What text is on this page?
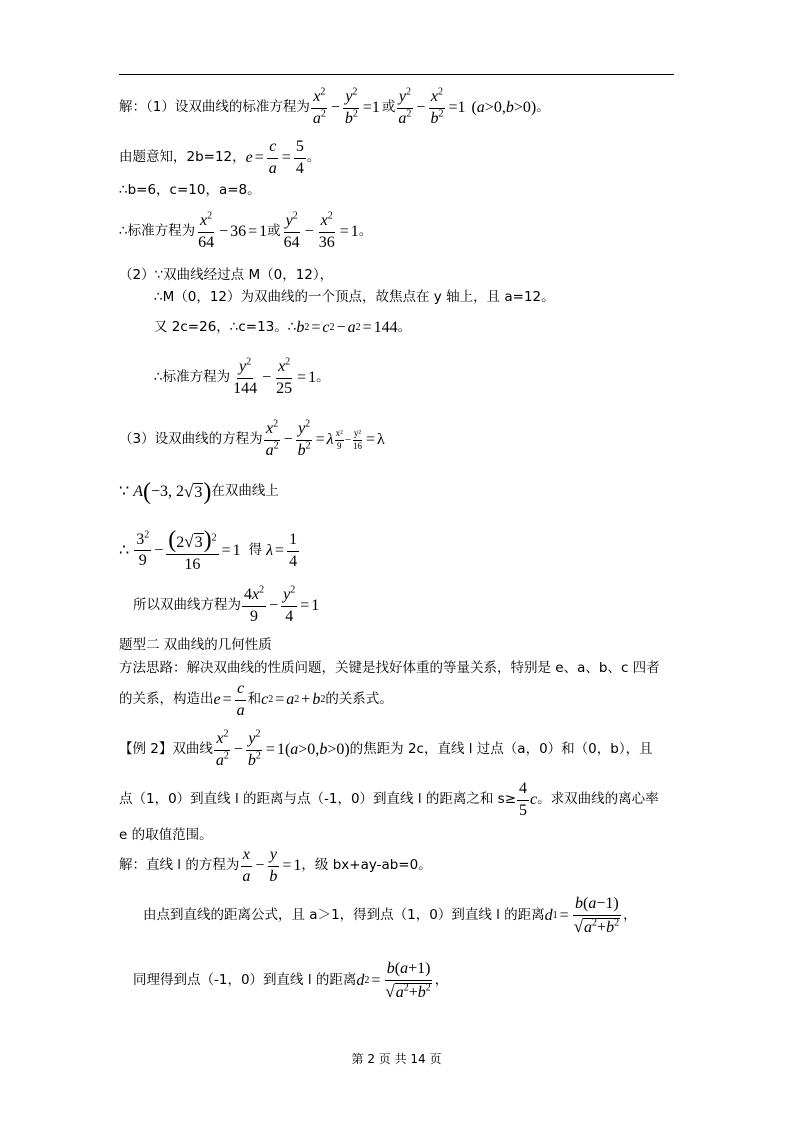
解：（1）设双曲线的标准方程为
$x^2$
$a^2 - \frac{y^2}{b^2} =1$ 或
$y^2$
$a^2 - \frac{x^2}{b^2} =1$ ( a >0, b >0) 。
由题意知，2b=12， $e = \frac{c}{a} = \frac{5}{4}$ 。
∴b=6，c=10，a=8。
∴标准方程为
$x^2$
64
− 36 = 1 或
$y^2$
64
− $\frac{x^2}{36} = 1$ 。
（2）∵双曲线经过点 M（0，12），
∴M（0，12）为双曲线的一个顶点，故焦点在 y 轴上，且 a=12。
又 2c=26，∴c=13。∴ b 2 = c 2 − a 2 = 144 。
∴标准方程为
$y^2$
144
− $\frac{x^2}{25} = 1$ 。
（3）设双曲线的方程为
$x^2$
$a^2 - \frac{y^2}{b^2} = \lambda$ x²
$9 - \frac{\text{y²}}{16} = \lambda$
∵ A ( −3, 2 √ 3 ) 在双曲线上
∴
$3^2$
9
− $\frac{(2 √ 3 )^2}{16} = 1$ 得
$\lambda = \frac{1}{4}$
所以双曲线方程为
$4x^2$
9
− $\frac{y^2}{4} = 1$
题型二 双曲线的几何性质
方法思路：解决双曲线的性质问题，关键是找好体重的等量关系，特别是 e、a、b、c 四者
的关系，构造出 $e = \frac{c}{a}$ 和 c 2 = a 2 + b 2 的关系式。
【例 2】双曲线
$x^2$
$a^2 - \frac{y^2}{b^2} = 1$( a >0, b >0) 的焦距为 2c，直线 l 过点（a，0）和（0，b），且
点（1，0）到直线 l 的距离与点（-1，0）到直线 l 的距离之和 s≥
4
5
c 。求双曲线的离心率
e 的取值范围。
解：直线 l 的方程为
x
a
− $\frac{y}{b} = 1$ ，级 bx+ay-ab=0。
由点到直线的距离公式，且 a＞1，得到点（1，0）到直线 l 的距离 d $1 = \frac{b(a-1)}{√ a^2+b^2}$ ，
同理得到点（-1，0）到直线 l 的距离 d $2 = \frac{b(a+1)}{√ a^2+b^2}$ ，
第 2 页 共 14 页
